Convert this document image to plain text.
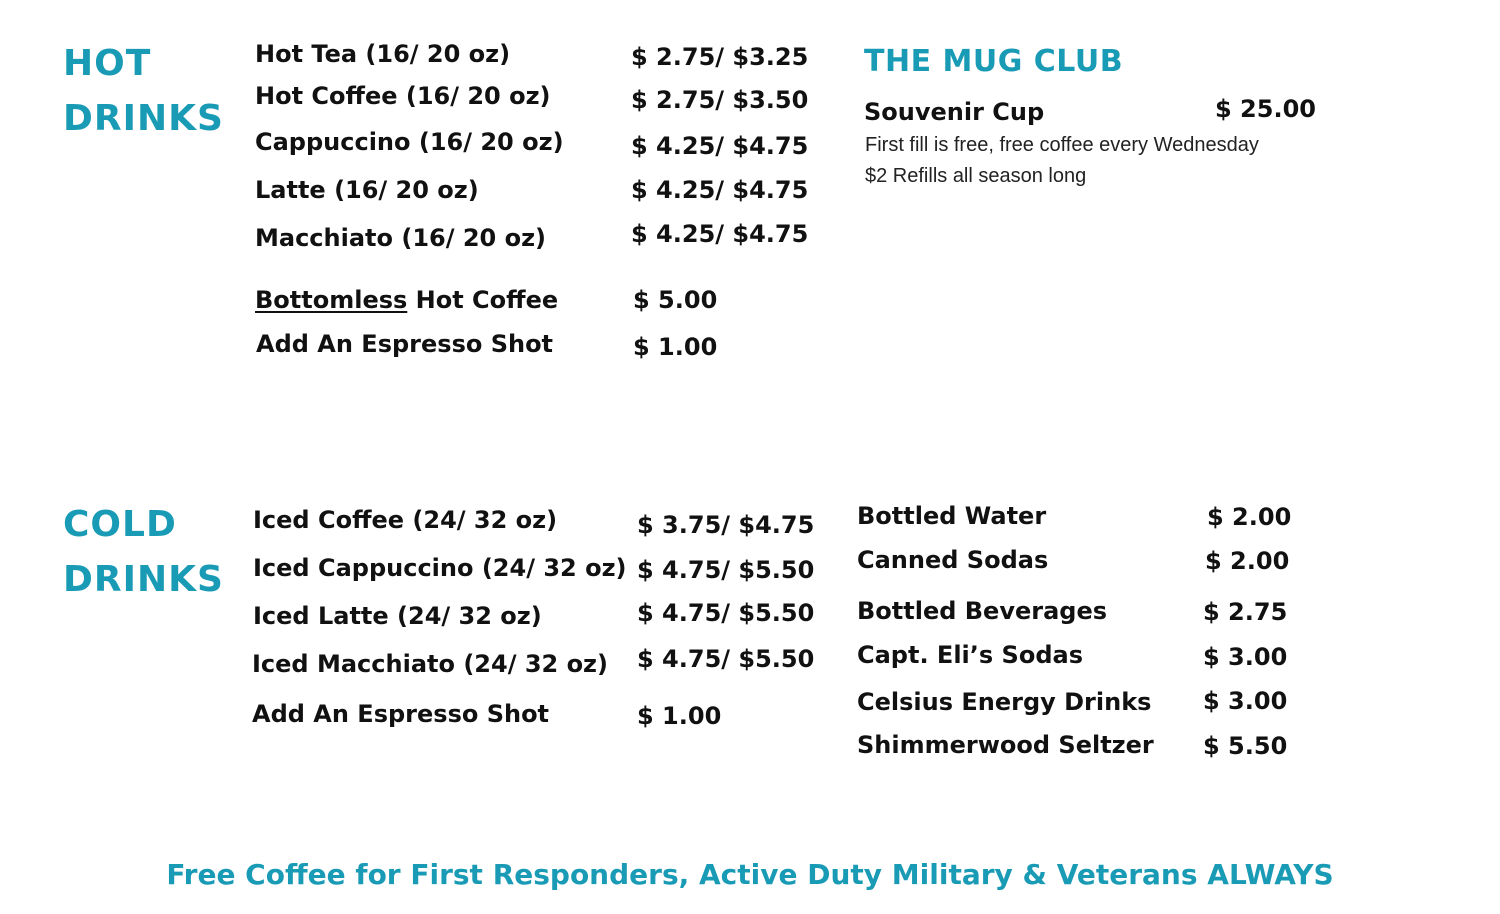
HOT
DRINKS
Hot Tea (16/ 20 oz)	$ 2.75/ $3.25
Hot Coffee (16/ 20 oz)	$ 2.75/ $3.50
Cappuccino (16/ 20 oz)	$ 4.25/ $4.75
Latte (16/ 20 oz)	$ 4.25/ $4.75
Macchiato (16/ 20 oz)	$ 4.25/ $4.75
Bottomless Hot Coffee	$ 5.00
Add An Espresso Shot	$ 1.00
THE MUG CLUB
Souvenir Cup	$ 25.00
First fill is free, free coffee every Wednesday
$2 Refills all season long
COLD
DRINKS
Iced Coffee (24/ 32 oz)	$ 3.75/ $4.75
Iced Cappuccino (24/ 32 oz) $ 4.75/ $5.50
Iced Latte (24/ 32 oz)	$ 4.75/ $5.50
Iced Macchiato (24/ 32 oz) $ 4.75/ $5.50
Add An Espresso Shot	$ 1.00
Bottled Water	$ 2.00
Canned Sodas	$ 2.00
Bottled Beverages	$ 2.75
Capt. Eli’s Sodas	$ 3.00
Celsius Energy Drinks $ 3.00
Shimmerwood Seltzer $ 5.50
Free Coffee for First Responders, Active Duty Military & Veterans ALWAYS
